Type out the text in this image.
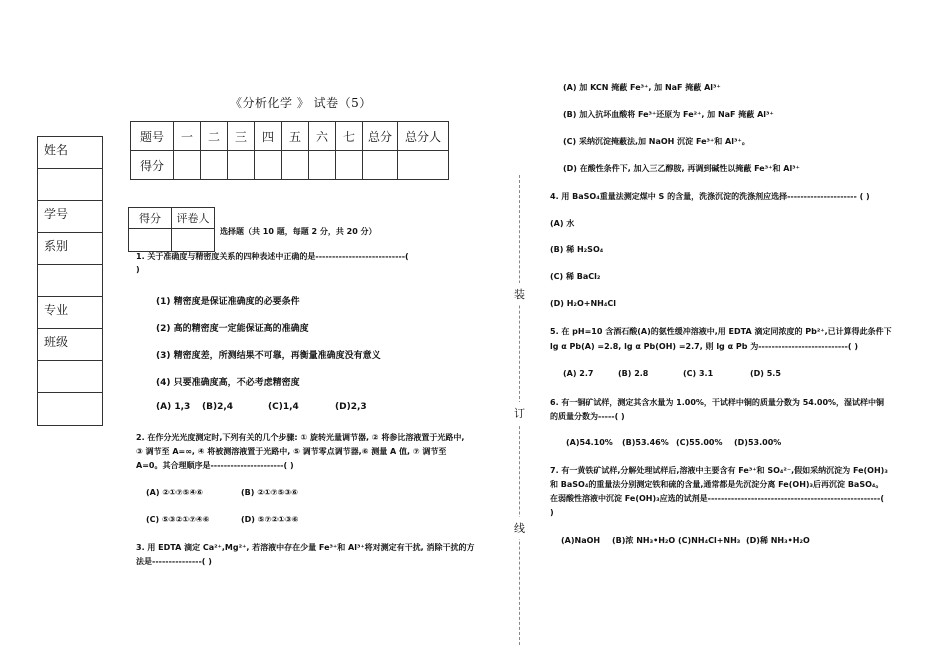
《分析化学 》 试卷（5）
姓名
学号
系别
专业
班级
题号	一	二	三	四	五	六	七	总分	总分人
得分									
得分	评卷人

选择题（共 10 题，每题 2 分，共 20 分）
1. 关于准确度与精密度关系的四种表述中正确的是---------------------------(
)
(1) 精密度是保证准确度的必要条件
(2) 高的精密度一定能保证高的准确度
(3) 精密度差，所测结果不可靠，再衡量准确度没有意义
(4) 只要准确度高，不必考虑精密度
(A) 1,3 (B)2,4	(C)1,4	(D)2,3
2. 在作分光光度测定时,下列有关的几个步骤: ① 旋转光量调节器, ② 将参比溶液置于光路中,
③ 调节至 A=∞, ④ 将被测溶液置于光路中, ⑤ 调节零点调节器,⑥ 测量 A 值, ⑦ 调节至
A=0。其合理顺序是----------------------( )
(A) ②①⑦⑤④⑥	(B) ②①⑦⑤③⑥
(C) ⑤③②①⑦④⑥	(D) ⑤⑦②①③⑥
3. 用 EDTA 滴定 Ca²⁺,Mg²⁺, 若溶液中存在少量 Fe³⁺和 Al³⁺将对测定有干扰, 消除干扰的方
法是---------------( )
(A) 加 KCN 掩蔽 Fe³⁺, 加 NaF 掩蔽 Al³⁺
(B) 加入抗坏血酸将 Fe³⁺还原为 Fe²⁺, 加 NaF 掩蔽 Al³⁺
(C) 采纳沉淀掩蔽法,加 NaOH 沉淀 Fe³⁺和 Al³⁺。
(D) 在酸性条件下, 加入三乙醇胺, 再调到碱性以掩蔽 Fe³⁺和 Al³⁺
4. 用 BaSO₄重量法测定煤中 S 的含量，洗涤沉淀的洗涤剂应选择--------------------- ( )
(A) 水
(B) 稀 H₂SO₄
(C) 稀 BaCl₂
(D) H₂O+NH₄Cl
5. 在 pH=10 含酒石酸(A)的氨性缓冲溶液中,用 EDTA 滴定同浓度的 Pb²⁺,已计算得此条件下
lg α Pb(A) =2.8, lg α Pb(OH) =2.7, 则 lg α Pb 为---------------------------( )
(A) 2.7	(B) 2.8	(C) 3.1	(D) 5.5
6. 有一铜矿试样，测定其含水量为 1.00%，干试样中铜的质量分数为 54.00%，湿试样中铜
的质量分数为-----( )
(A)54.10% (B)53.46% (C)55.00% (D)53.00%
7. 有一黄铁矿试样,分解处理试样后,溶液中主要含有 Fe³⁺和 SO₄²⁻,假如采纳沉淀为 Fe(OH)₃
和 BaSO₄的重量法分别测定铁和硫的含量,通常都是先沉淀分离 Fe(OH)₃后再沉淀 BaSO₄。
在弱酸性溶液中沉淀 Fe(OH)₃应选的试剂是----------------------------------------------------(
)
(A)NaOH (B)浓 NH₃•H₂O (C)NH₄Cl+NH₃ (D)稀 NH₃•H₂O
装
订
线
